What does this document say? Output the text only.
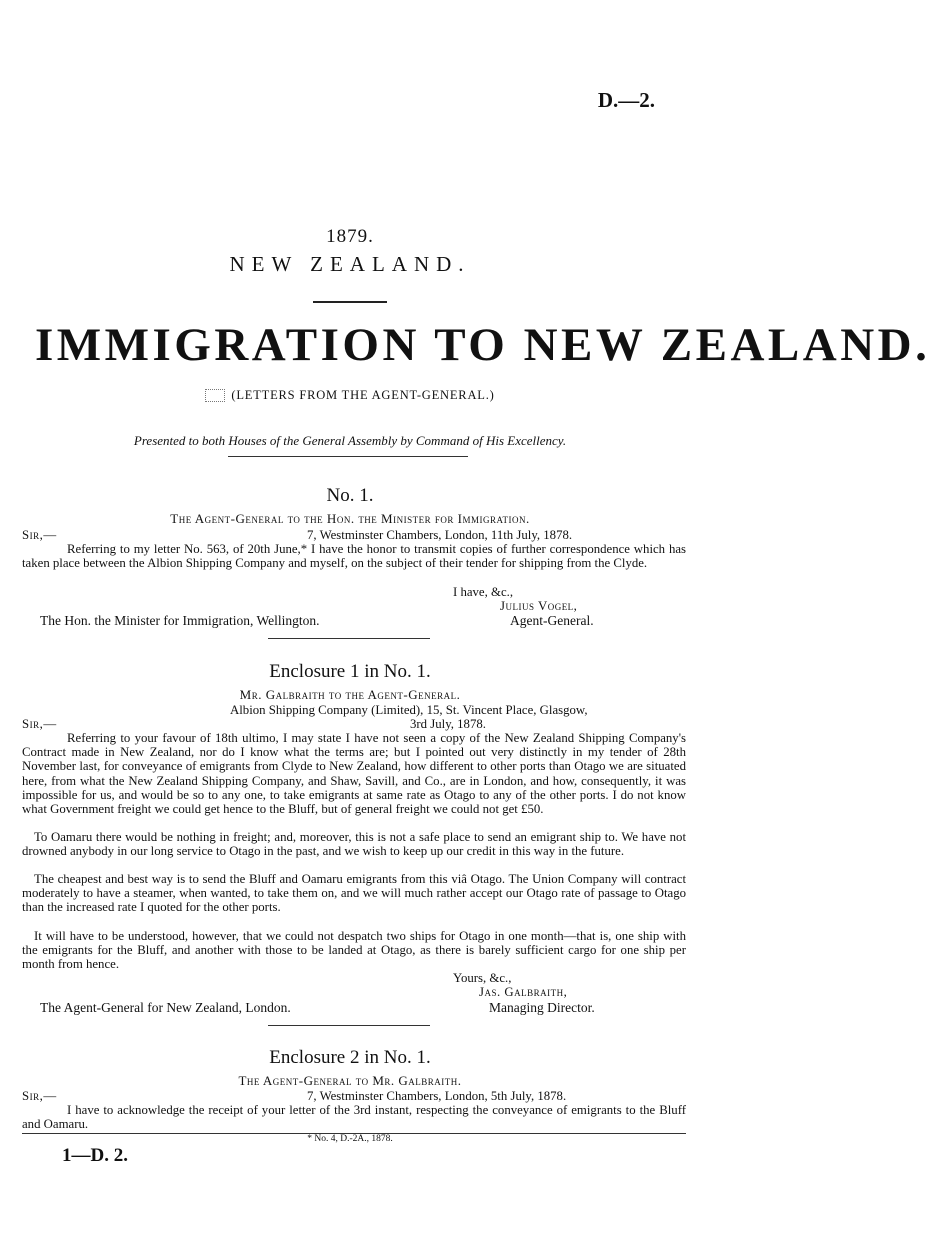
D.—2.
1879.
NEW ZEALAND.
IMMIGRATION TO NEW ZEALAND.
(LETTERS FROM THE AGENT-GENERAL.)
Presented to both Houses of the General Assembly by Command of His Excellency.
No. 1.
The Agent-General to the Hon. the Minister for Immigration.
Sir,—	7, Westminster Chambers, London, 11th July, 1878.

Referring to my letter No. 563, of 20th June,* I have the honor to transmit copies of further correspondence which has taken place between the Albion Shipping Company and myself, on the subject of their tender for shipping from the Clyde.

I have, &c.,
Julius Vogel,
The Hon. the Minister for Immigration, Wellington.	Agent-General.
Enclosure 1 in No. 1.
Mr. Galbraith to the Agent-General.
Albion Shipping Company (Limited), 15, St. Vincent Place, Glasgow,
Sir,—	3rd July, 1878.

Referring to your favour of 18th ultimo, I may state I have not seen a copy of the New Zealand Shipping Company's Contract made in New Zealand, nor do I know what the terms are; but I pointed out very distinctly in my tender of 28th November last, for conveyance of emigrants from Clyde to New Zealand, how different to other ports than Otago we are situated here, from what the New Zealand Shipping Company, and Shaw, Savill, and Co., are in London, and how, consequently, it was impossible for us, and would be so to any one, to take emigrants at same rate as Otago to any of the other ports. I do not know what Government freight we could get hence to the Bluff, but of general freight we could not get £50.

To Oamaru there would be nothing in freight; and, moreover, this is not a safe place to send an emigrant ship to. We have not drowned anybody in our long service to Otago in the past, and we wish to keep up our credit in this way in the future.

The cheapest and best way is to send the Bluff and Oamaru emigrants from this viâ Otago. The Union Company will contract moderately to have a steamer, when wanted, to take them on, and we will much rather accept our Otago rate of passage to Otago than the increased rate I quoted for the other ports.

It will have to be understood, however, that we could not despatch two ships for Otago in one month—that is, one ship with the emigrants for the Bluff, and another with those to be landed at Otago, as there is barely sufficient cargo for one ship per month from hence.

Yours, &c.,
Jas. Galbraith,
The Agent-General for New Zealand, London.	Managing Director.
Enclosure 2 in No. 1.
The Agent-General to Mr. Galbraith.
Sir,—	7, Westminster Chambers, London, 5th July, 1878.

I have to acknowledge the receipt of your letter of the 3rd instant, respecting the conveyance of emigrants to the Bluff and Oamaru.

* No. 4, D.-2A., 1878.
1—D. 2.
